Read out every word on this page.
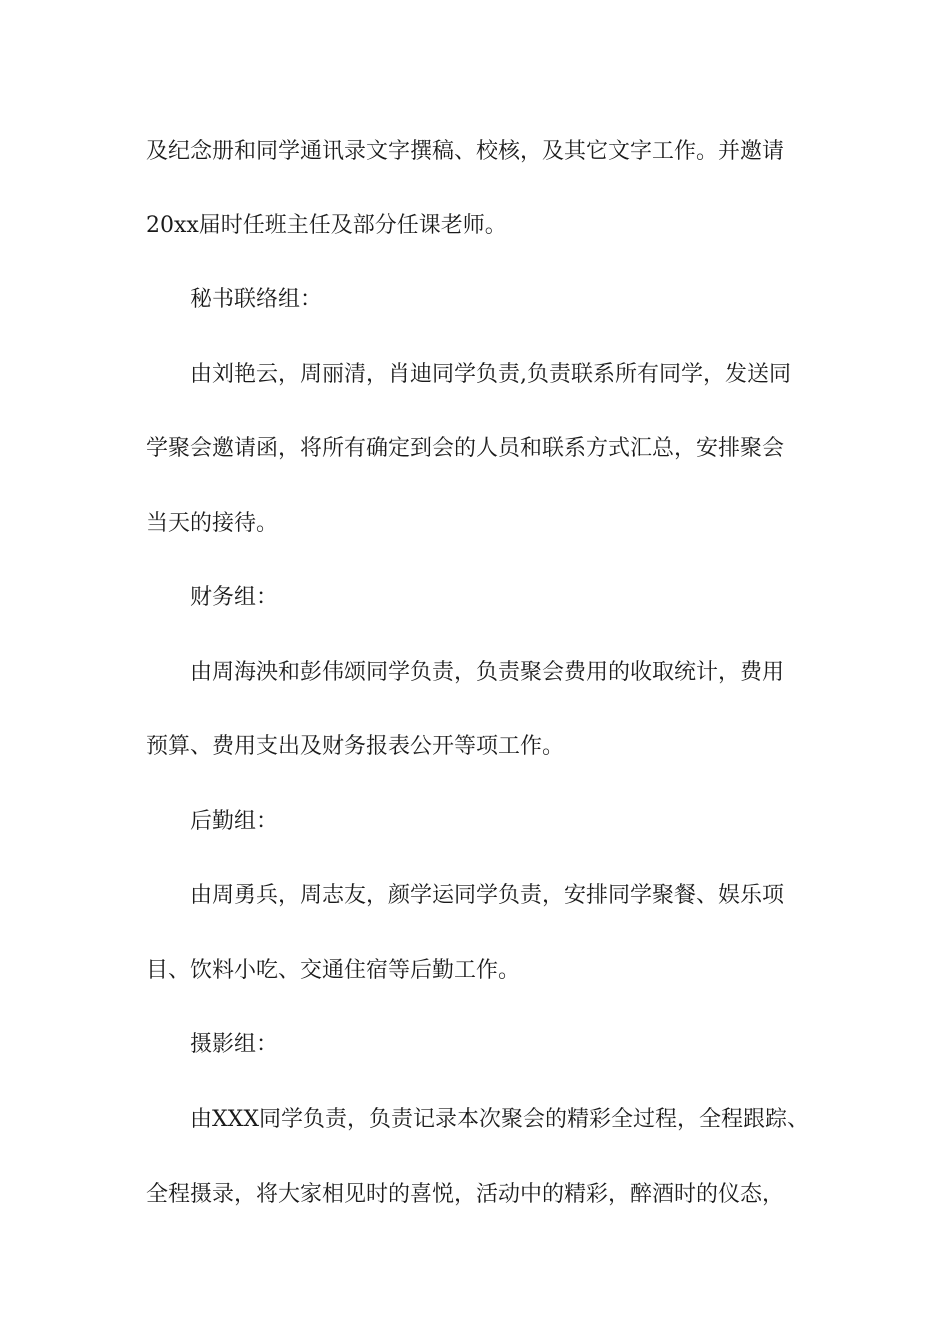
及纪念册和同学通讯录文字撰稿、校核，及其它文字工作。并邀请
20xx届时任班主任及部分任课老师。
秘书联络组：
由刘艳云，周丽清，肖迪同学负责,负责联系所有同学，发送同
学聚会邀请函，将所有确定到会的人员和联系方式汇总，安排聚会
当天的接待。
财务组：
由周海泱和彭伟颂同学负责，负责聚会费用的收取统计，费用
预算、费用支出及财务报表公开等项工作。
后勤组：
由周勇兵，周志友，颜学运同学负责，安排同学聚餐、娱乐项
目、饮料小吃、交通住宿等后勤工作。
摄影组：
由XXX同学负责，负责记录本次聚会的精彩全过程，全程跟踪、
全程摄录，将大家相见时的喜悦，活动中的精彩，醉酒时的仪态，
